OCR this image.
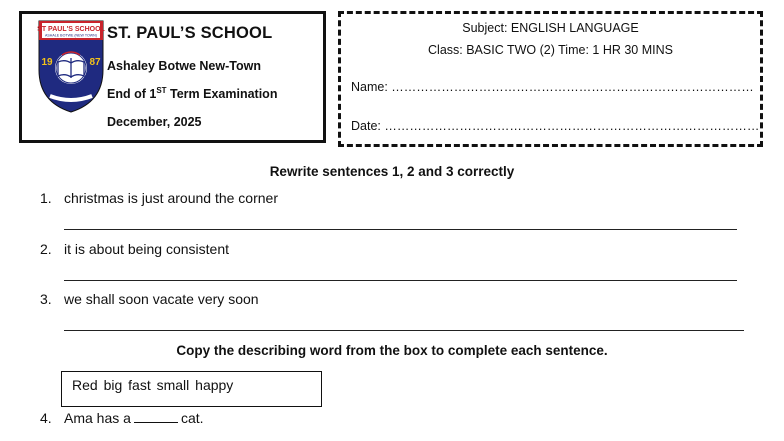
ST PAUL'S SCHOOL
ASHALE BOTWE (NEW TOWN)
19	87
ST. PAUL’S SCHOOL
Ashaley Botwe New-Town
End of 1ST Term Examination
December, 2025
Subject: ENGLISH LANGUAGE
Class: BASIC TWO (2) Time: 1 HR 30 MINS
Name: ……………………………………………………………………………
Date: ………………………………………………………………………………
Rewrite sentences 1, 2 and 3 correctly
1. christmas is just around the corner
2. it is about being consistent
3. we shall soon vacate very soon
Copy the describing word from the box to complete each sentence.
Red big fast small happy
4. Ama has a	cat.
